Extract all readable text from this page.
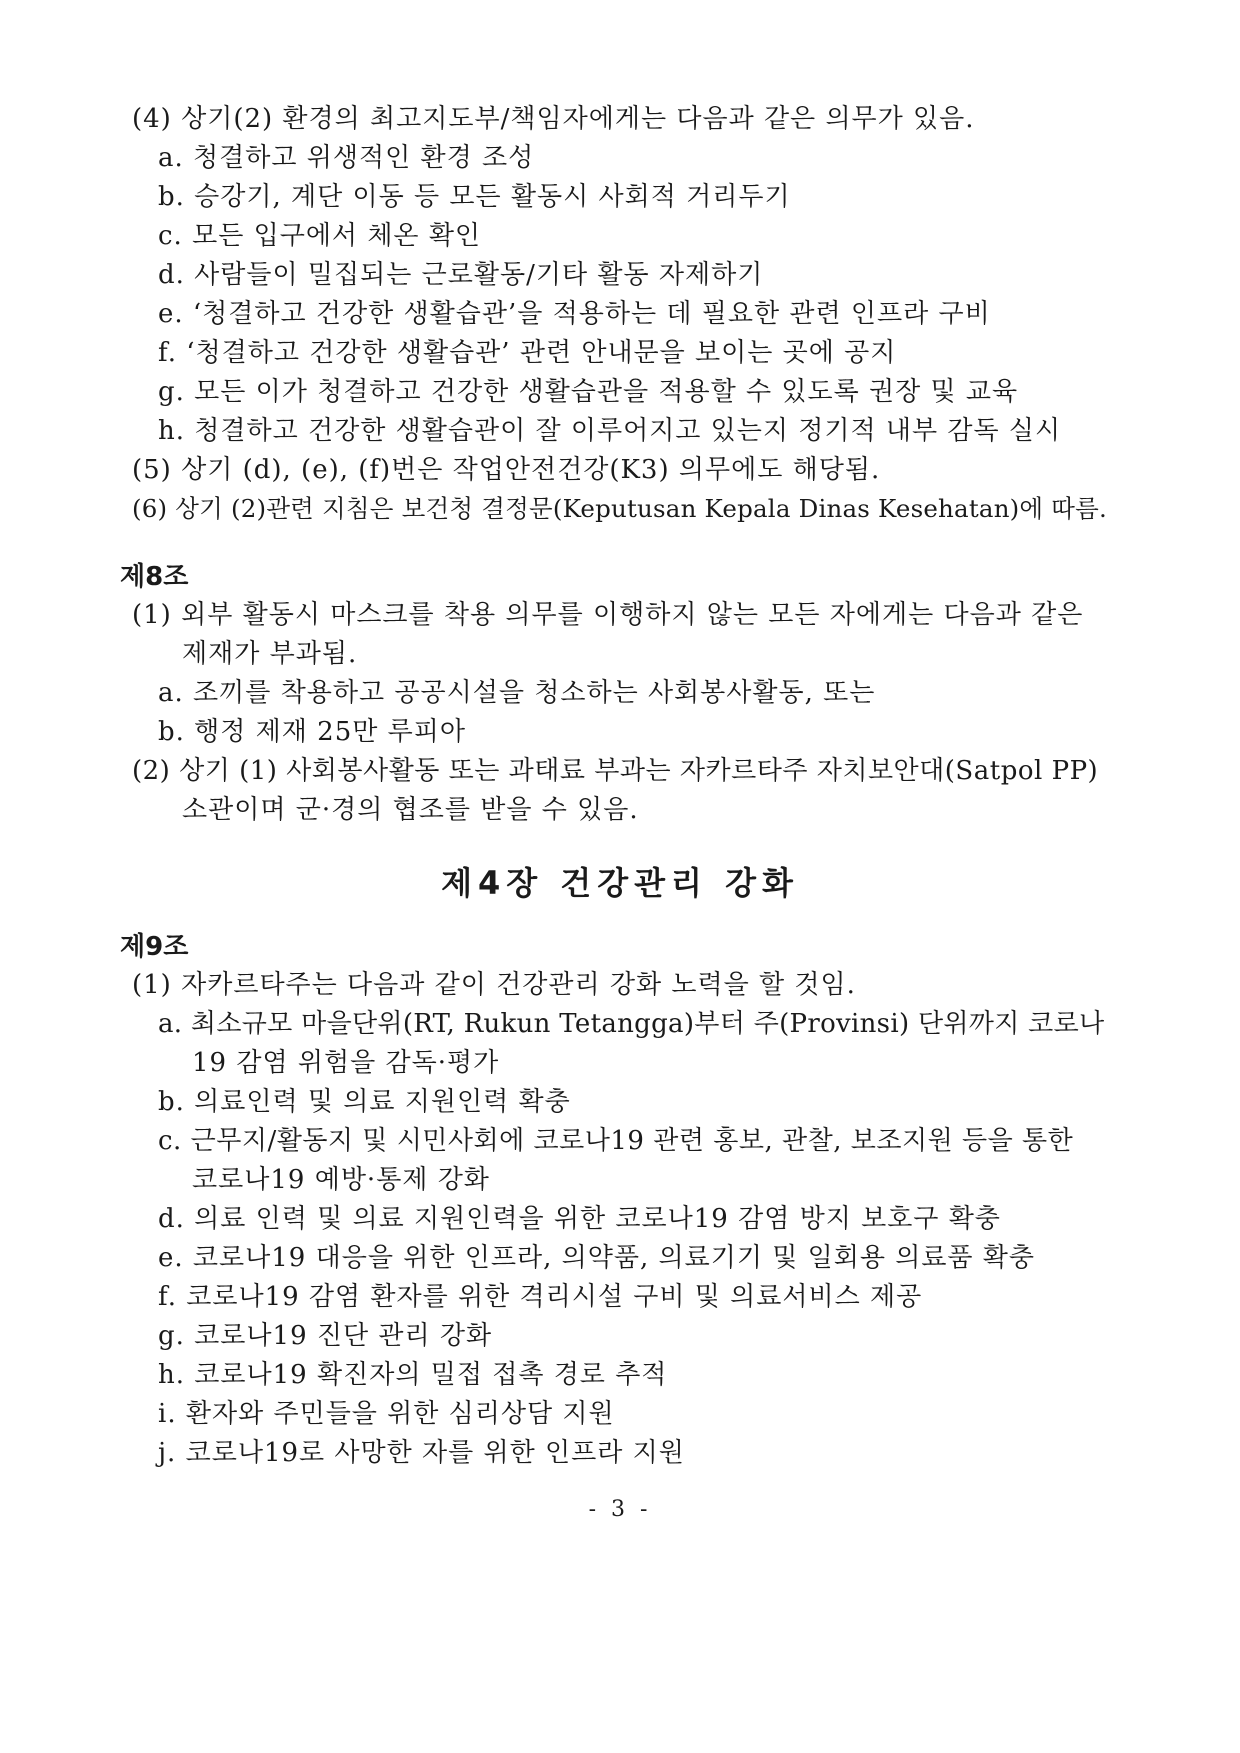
(4) 상기(2) 환경의 최고지도부/책임자에게는 다음과 같은 의무가 있음.
a. 청결하고 위생적인 환경 조성
b. 승강기, 계단 이동 등 모든 활동시 사회적 거리두기
c. 모든 입구에서 체온 확인
d. 사람들이 밀집되는 근로활동/기타 활동 자제하기
e. ‘청결하고 건강한 생활습관’을 적용하는 데 필요한 관련 인프라 구비
f. ‘청결하고 건강한 생활습관’ 관련 안내문을 보이는 곳에 공지
g. 모든 이가 청결하고 건강한 생활습관을 적용할 수 있도록 권장 및 교육
h. 청결하고 건강한 생활습관이 잘 이루어지고 있는지 정기적 내부 감독 실시
(5) 상기 (d), (e), (f)번은 작업안전건강(K3) 의무에도 해당됨.
(6) 상기 (2)관련 지침은 보건청 결정문(Keputusan Kepala Dinas Kesehatan)에 따름.
제8조
(1) 외부 활동시 마스크를 착용 의무를 이행하지 않는 모든 자에게는 다음과 같은
제재가 부과됨.
a. 조끼를 착용하고 공공시설을 청소하는 사회봉사활동, 또는
b. 행정 제재 25만 루피아
(2) 상기 (1) 사회봉사활동 또는 과태료 부과는 자카르타주 자치보안대(Satpol PP)
소관이며 군·경의 협조를 받을 수 있음.
제4장 건강관리 강화
제9조
(1) 자카르타주는 다음과 같이 건강관리 강화 노력을 할 것임.
a. 최소규모 마을단위(RT, Rukun Tetangga)부터 주(Provinsi) 단위까지 코로나
19 감염 위험을 감독·평가
b. 의료인력 및 의료 지원인력 확충
c. 근무지/활동지 및 시민사회에 코로나19 관련 홍보, 관찰, 보조지원 등을 통한
코로나19 예방·통제 강화
d. 의료 인력 및 의료 지원인력을 위한 코로나19 감염 방지 보호구 확충
e. 코로나19 대응을 위한 인프라, 의약품, 의료기기 및 일회용 의료품 확충
f. 코로나19 감염 환자를 위한 격리시설 구비 및 의료서비스 제공
g. 코로나19 진단 관리 강화
h. 코로나19 확진자의 밀접 접촉 경로 추적
i. 환자와 주민들을 위한 심리상담 지원
j. 코로나19로 사망한 자를 위한 인프라 지원
- 3 -
